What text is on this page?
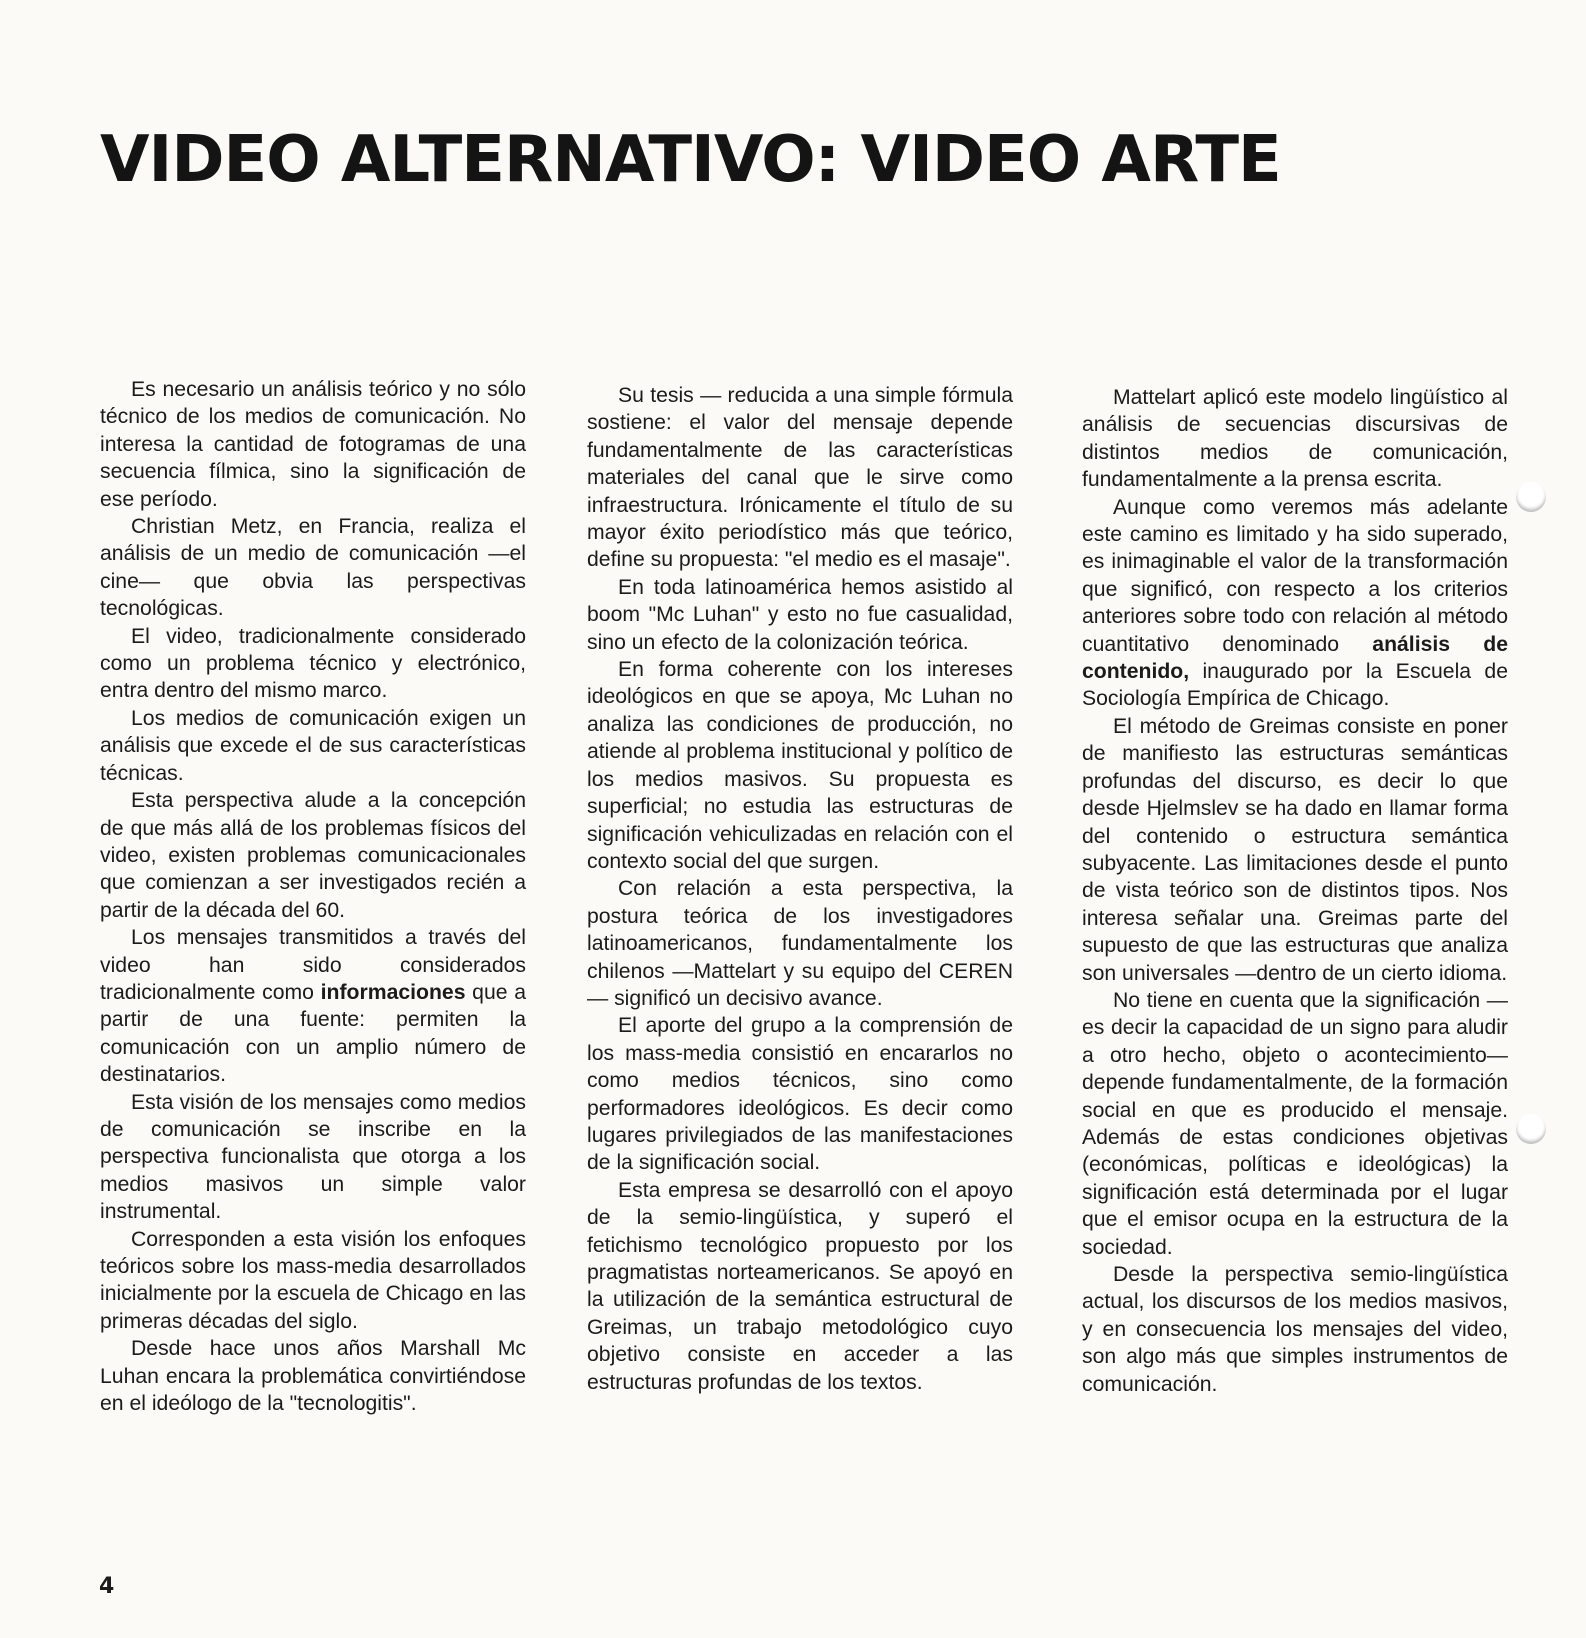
VIDEO ALTERNATIVO: VIDEO ARTE

Es necesario un análisis teórico y no sólo técnico de los medios de comunicación. No interesa la cantidad de fotogramas de una secuencia fílmica, sino la significación de ese período.

Christian Metz, en Francia, realiza el análisis de un medio de comunicación —el cine— que obvia las perspectivas tecnológicas.

El video, tradicionalmente considerado como un problema técnico y electrónico, entra dentro del mismo marco.

Los medios de comunicación exigen un análisis que excede el de sus características técnicas.

Esta perspectiva alude a la concepción de que más allá de los problemas físicos del video, existen problemas comunicacionales que comienzan a ser investigados recién a partir de la década del 60.

Los mensajes transmitidos a través del video han sido considerados tradicionalmente como informaciones que a partir de una fuente: permiten la comunicación con un amplio número de destinatarios.

Esta visión de los mensajes como medios de comunicación se inscribe en la perspectiva funcionalista que otorga a los medios masivos un simple valor instrumental.

Corresponden a esta visión los enfoques teóricos sobre los mass-media desarrollados inicialmente por la escuela de Chicago en las primeras décadas del siglo.

Desde hace unos años Marshall Mc Luhan encara la problemática convirtiéndose en el ideólogo de la "tecnologitis".

Su tesis — reducida a una simple fórmula sostiene: el valor del mensaje depende fundamentalmente de las características materiales del canal que le sirve como infraestructura. Irónicamente el título de su mayor éxito periodístico más que teórico, define su propuesta: "el medio es el masaje".

En toda latinoamérica hemos asistido al boom "Mc Luhan" y esto no fue casualidad, sino un efecto de la colonización teórica.

En forma coherente con los intereses ideológicos en que se apoya, Mc Luhan no analiza las condiciones de producción, no atiende al problema institucional y político de los medios masivos. Su propuesta es superficial; no estudia las estructuras de significación vehiculizadas en relación con el contexto social del que surgen.

Con relación a esta perspectiva, la postura teórica de los investigadores latinoamericanos, fundamentalmente los chilenos —Mattelart y su equipo del CEREN— significó un decisivo avance.

El aporte del grupo a la comprensión de los mass-media consistió en encararlos no como medios técnicos, sino como performadores ideológicos. Es decir como lugares privilegiados de las manifestaciones de la significación social.

Esta empresa se desarrolló con el apoyo de la semio-lingüística, y superó el fetichismo tecnológico propuesto por los pragmatistas norteamericanos. Se apoyó en la utilización de la semántica estructural de Greimas, un trabajo metodológico cuyo objetivo consiste en acceder a las estructuras profundas de los textos.

Mattelart aplicó este modelo lingüístico al análisis de secuencias discursivas de distintos medios de comunicación, fundamentalmente a la prensa escrita.

Aunque como veremos más adelante este camino es limitado y ha sido superado, es inimaginable el valor de la transformación que significó, con respecto a los criterios anteriores sobre todo con relación al método cuantitativo denominado análisis de contenido, inaugurado por la Escuela de Sociología Empírica de Chicago.

El método de Greimas consiste en poner de manifiesto las estructuras semánticas profundas del discurso, es decir lo que desde Hjelmslev se ha dado en llamar forma del contenido o estructura semántica subyacente. Las limitaciones desde el punto de vista teórico son de distintos tipos. Nos interesa señalar una. Greimas parte del supuesto de que las estructuras que analiza son universales —dentro de un cierto idioma.

No tiene en cuenta que la significación —es decir la capacidad de un signo para aludir a otro hecho, objeto o acontecimiento— depende fundamentalmente, de la formación social en que es producido el mensaje. Además de estas condiciones objetivas (económicas, políticas e ideológicas) la significación está determinada por el lugar que el emisor ocupa en la estructura de la sociedad.

Desde la perspectiva semio-lingüística actual, los discursos de los medios masivos, y en consecuencia los mensajes del video, son algo más que simples instrumentos de comunicación.

4
